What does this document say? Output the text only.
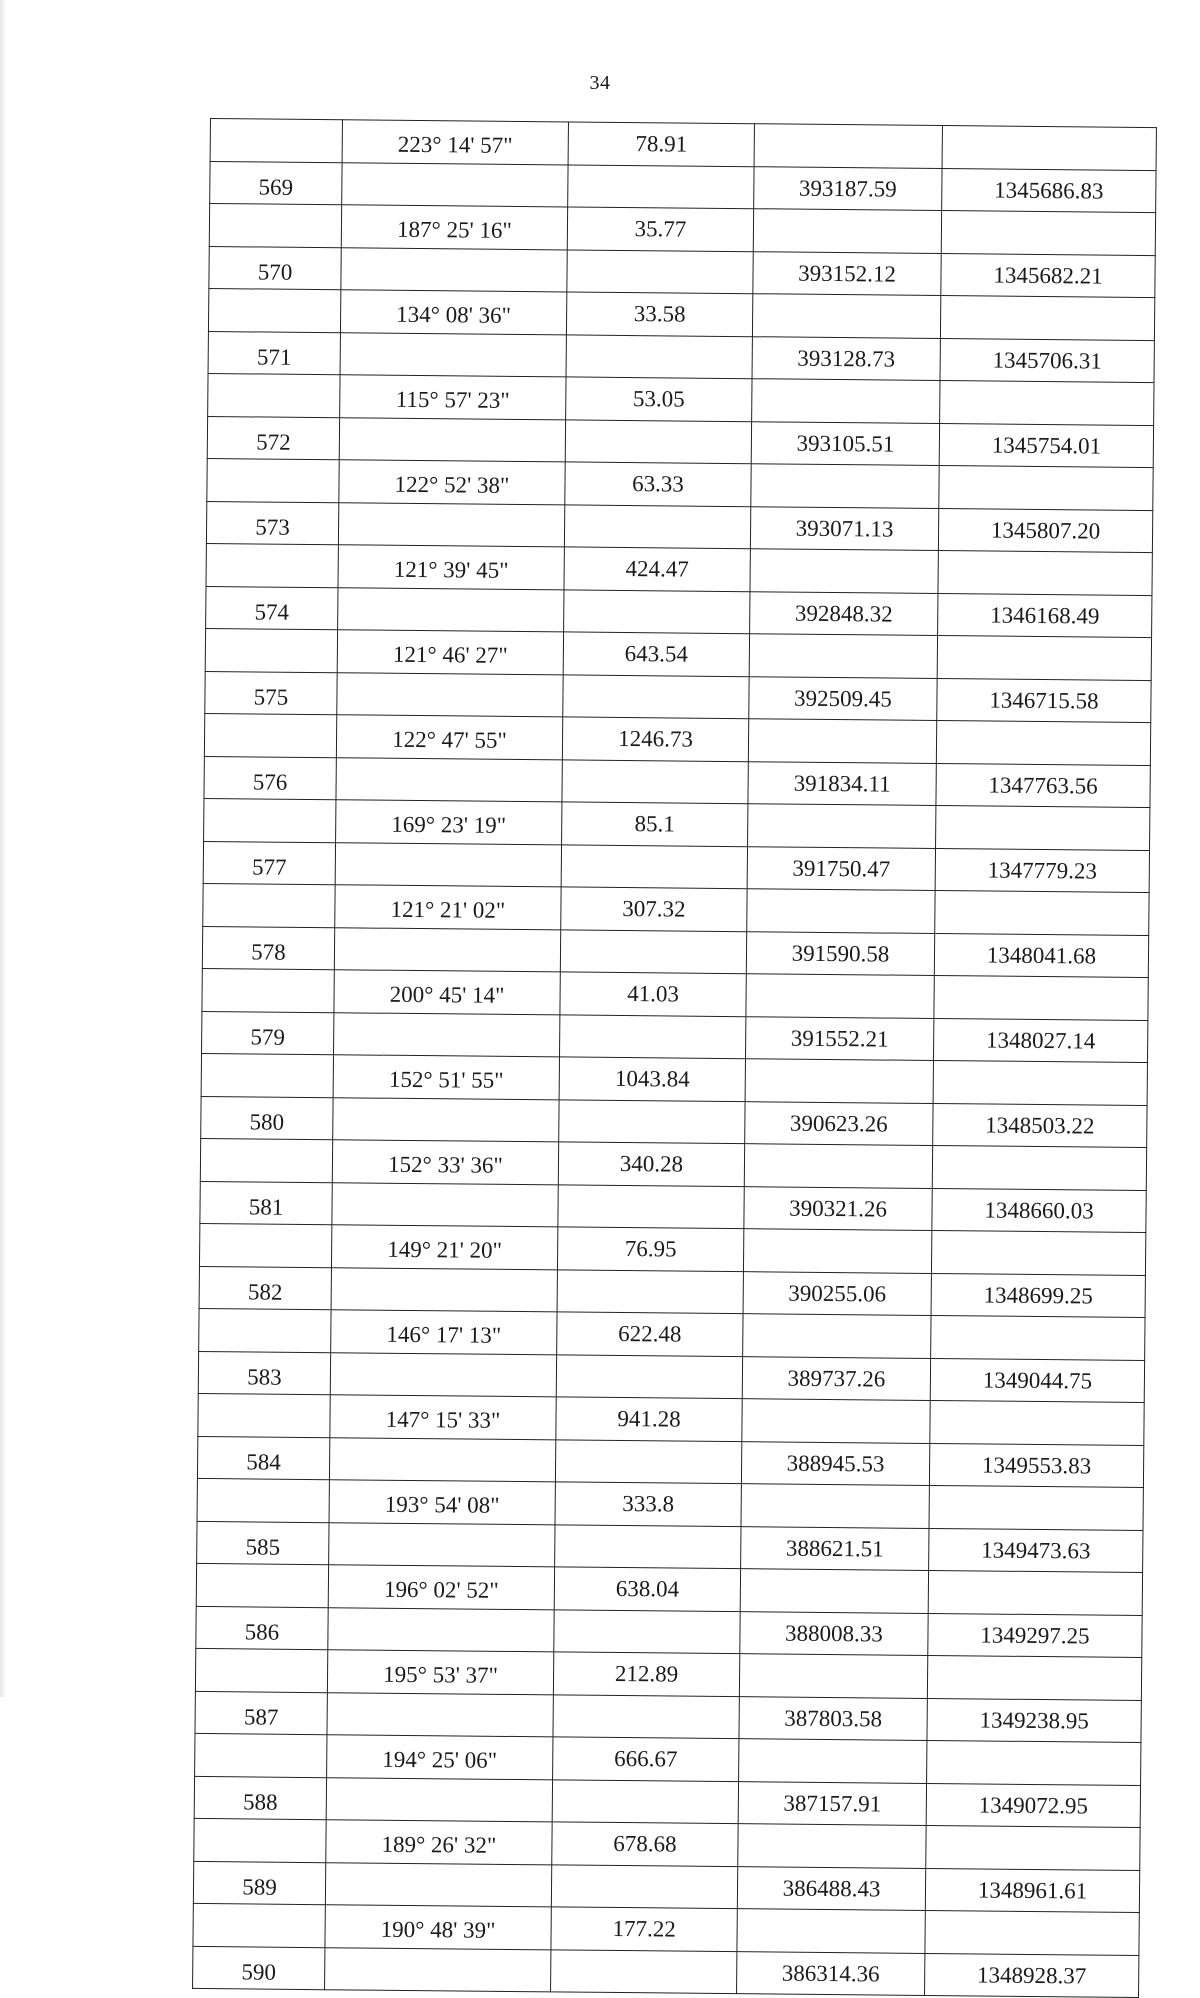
34
	223° 14' 57"	78.91		
569			393187.59	1345686.83
	187° 25' 16"	35.77		
570			393152.12	1345682.21
	134° 08' 36"	33.58		
571			393128.73	1345706.31
	115° 57' 23"	53.05		
572			393105.51	1345754.01
	122° 52' 38"	63.33		
573			393071.13	1345807.20
	121° 39' 45"	424.47		
574			392848.32	1346168.49
	121° 46' 27"	643.54		
575			392509.45	1346715.58
	122° 47' 55"	1246.73		
576			391834.11	1347763.56
	169° 23' 19"	85.1		
577			391750.47	1347779.23
	121° 21' 02"	307.32		
578			391590.58	1348041.68
	200° 45' 14"	41.03		
579			391552.21	1348027.14
	152° 51' 55"	1043.84		
580			390623.26	1348503.22
	152° 33' 36"	340.28		
581			390321.26	1348660.03
	149° 21' 20"	76.95		
582			390255.06	1348699.25
	146° 17' 13"	622.48		
583			389737.26	1349044.75
	147° 15' 33"	941.28		
584			388945.53	1349553.83
	193° 54' 08"	333.8		
585			388621.51	1349473.63
	196° 02' 52"	638.04		
586			388008.33	1349297.25
	195° 53' 37"	212.89		
587			387803.58	1349238.95
	194° 25' 06"	666.67		
588			387157.91	1349072.95
	189° 26' 32"	678.68		
589			386488.43	1348961.61
	190° 48' 39"	177.22		
590			386314.36	1348928.37
